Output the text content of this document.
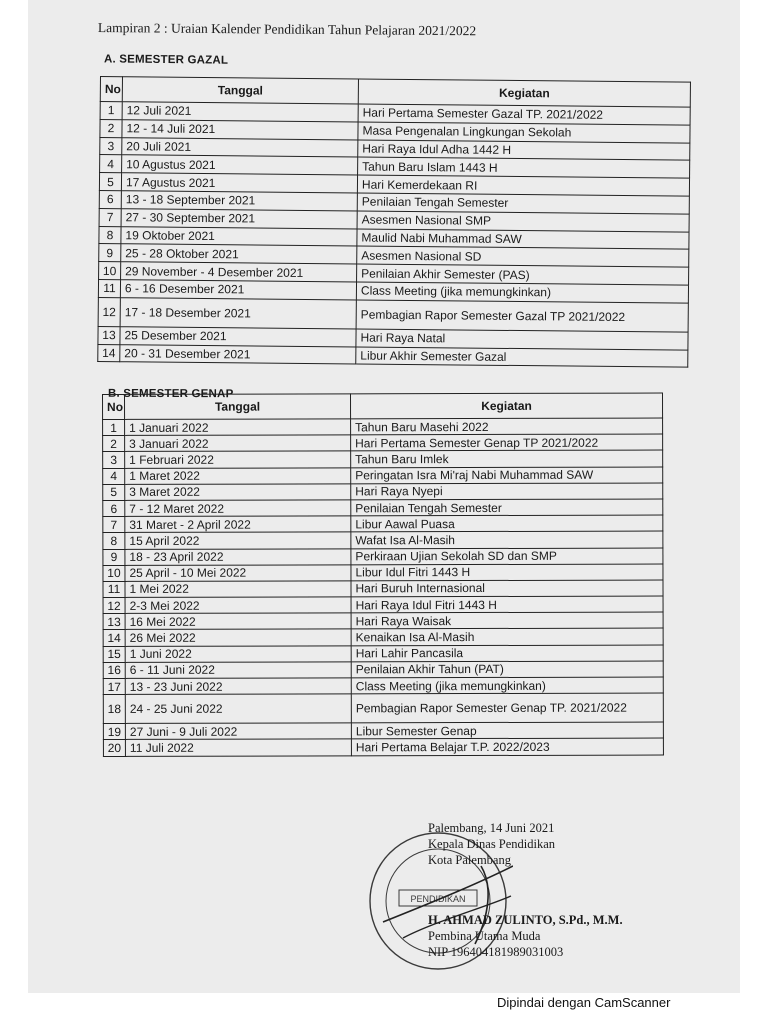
Lampiran 2 : Uraian Kalender Pendidikan Tahun Pelajaran 2021/2022
A. SEMESTER GAZAL
No	Tanggal	Kegiatan
1	12 Juli 2021	Hari Pertama Semester Gazal TP. 2021/2022
2	12 - 14 Juli 2021	Masa Pengenalan Lingkungan Sekolah
3	20 Juli 2021	Hari Raya Idul Adha 1442 H
4	10 Agustus 2021	Tahun Baru Islam 1443 H
5	17 Agustus 2021	Hari Kemerdekaan RI
6	13 - 18 September 2021	Penilaian Tengah Semester
7	27 - 30 September 2021	Asesmen Nasional SMP
8	19 Oktober 2021	Maulid Nabi Muhammad SAW
9	25 - 28 Oktober 2021	Asesmen Nasional SD
10	29 November - 4 Desember 2021	Penilaian Akhir Semester (PAS)
11	6 - 16 Desember 2021	Class Meeting (jika memungkinkan)
12	17 - 18 Desember 2021	Pembagian Rapor Semester Gazal TP 2021/2022
13	25 Desember 2021	Hari Raya Natal
14	20 - 31 Desember 2021	Libur Akhir Semester Gazal
B. SEMESTER GENAP
No	Tanggal	Kegiatan
1	1 Januari 2022	Tahun Baru Masehi 2022
2	3 Januari 2022	Hari Pertama Semester Genap TP 2021/2022
3	1 Februari 2022	Tahun Baru Imlek
4	1 Maret 2022	Peringatan Isra Mi'raj Nabi Muhammad SAW
5	3 Maret 2022	Hari Raya Nyepi
6	7 - 12 Maret 2022	Penilaian Tengah Semester
7	31 Maret - 2 April 2022	Libur Aawal Puasa
8	15 April 2022	Wafat Isa Al-Masih
9	18 - 23 April 2022	Perkiraan Ujian Sekolah SD dan SMP
10	25 April - 10 Mei 2022	Libur Idul Fitri 1443 H
11	1 Mei 2022	Hari Buruh Internasional
12	2-3 Mei 2022	Hari Raya Idul Fitri 1443 H
13	16 Mei 2022	Hari Raya Waisak
14	26 Mei 2022	Kenaikan Isa Al-Masih
15	1 Juni 2022	Hari Lahir Pancasila
16	6 - 11 Juni 2022	Penilaian Akhir Tahun (PAT)
17	13 - 23 Juni 2022	Class Meeting (jika memungkinkan)
18	24 - 25 Juni 2022	Pembagian Rapor Semester Genap TP. 2021/2022
19	27 Juni - 9 Juli 2022	Libur Semester Genap
20	11 Juli 2022	Hari Pertama Belajar T.P. 2022/2023
PENDIDIKAN
Palembang, 14 Juni 2021
Kepala Dinas Pendidikan
Kota Palembang
H. AHMAD ZULINTO, S.Pd., M.M.
Pembina Utama Muda
NIP 196404181989031003
Dipindai dengan CamScanner
